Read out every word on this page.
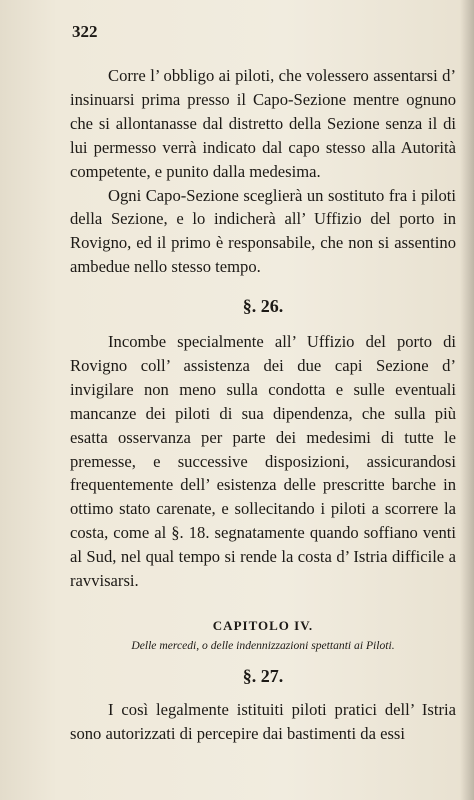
322

Corre l’ obbligo ai piloti, che volessero assentarsi d’ insinuarsi prima presso il Capo-Sezione mentre ognuno che si allontanasse dal distretto della Sezione senza il di lui permesso verrà indicato dal capo stesso alla Autorità competente, e punito dalla medesima.

Ogni Capo-Sezione sceglierà un sostituto fra i piloti della Sezione, e lo indicherà all’ Uffizio del porto in Rovigno, ed il primo è responsabile, che non si assentino ambedue nello stesso tempo.

§. 26.

Incombe specialmente all’ Uffizio del porto di Rovigno coll’ assistenza dei due capi Sezione d’ invigilare non meno sulla condotta e sulle eventuali mancanze dei piloti di sua dipendenza, che sulla più esatta osservanza per parte dei medesimi di tutte le premesse, e successive disposizioni, assicurandosi frequentemente dell’ esistenza delle prescritte barche in ottimo stato carenate, e sollecitando i piloti a scorrere la costa, come al §. 18. segnatamente quando soffiano venti al Sud, nel qual tempo si rende la costa d’ Istria difficile a ravvisarsi.

CAPITOLO IV.
Delle mercedi, o delle indennizzazioni spettanti ai Piloti.
§. 27.

I così legalmente istituiti piloti pratici dell’ Istria sono autorizzati di percepire dai bastimenti da essi
